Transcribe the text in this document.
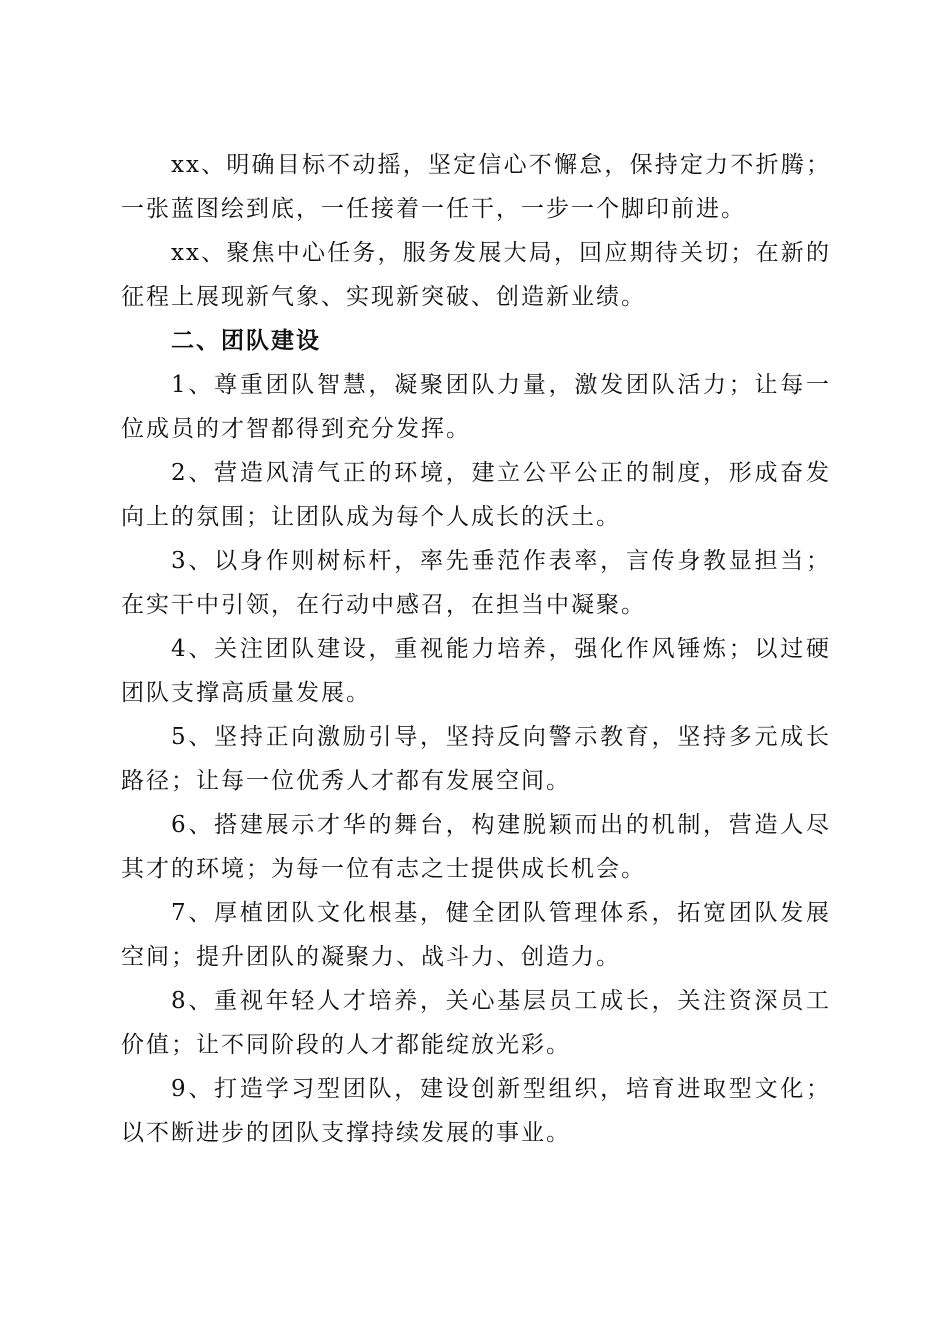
xx、明确目标不动摇，坚定信心不懈怠，保持定力不折腾；一张蓝图绘到底，一任接着一任干，一步一个脚印前进。

xx、聚焦中心任务，服务发展大局，回应期待关切；在新的征程上展现新气象、实现新突破、创造新业绩。

二、团队建设

1、尊重团队智慧，凝聚团队力量，激发团队活力；让每一位成员的才智都得到充分发挥。

2、营造风清气正的环境，建立公平公正的制度，形成奋发向上的氛围；让团队成为每个人成长的沃土。

3、以身作则树标杆，率先垂范作表率，言传身教显担当；在实干中引领，在行动中感召，在担当中凝聚。

4、关注团队建设，重视能力培养，强化作风锤炼；以过硬团队支撑高质量发展。

5、坚持正向激励引导，坚持反向警示教育，坚持多元成长路径；让每一位优秀人才都有发展空间。

6、搭建展示才华的舞台，构建脱颖而出的机制，营造人尽其才的环境；为每一位有志之士提供成长机会。

7、厚植团队文化根基，健全团队管理体系，拓宽团队发展空间；提升团队的凝聚力、战斗力、创造力。

8、重视年轻人才培养，关心基层员工成长，关注资深员工价值；让不同阶段的人才都能绽放光彩。

9、打造学习型团队，建设创新型组织，培育进取型文化；以不断进步的团队支撑持续发展的事业。
